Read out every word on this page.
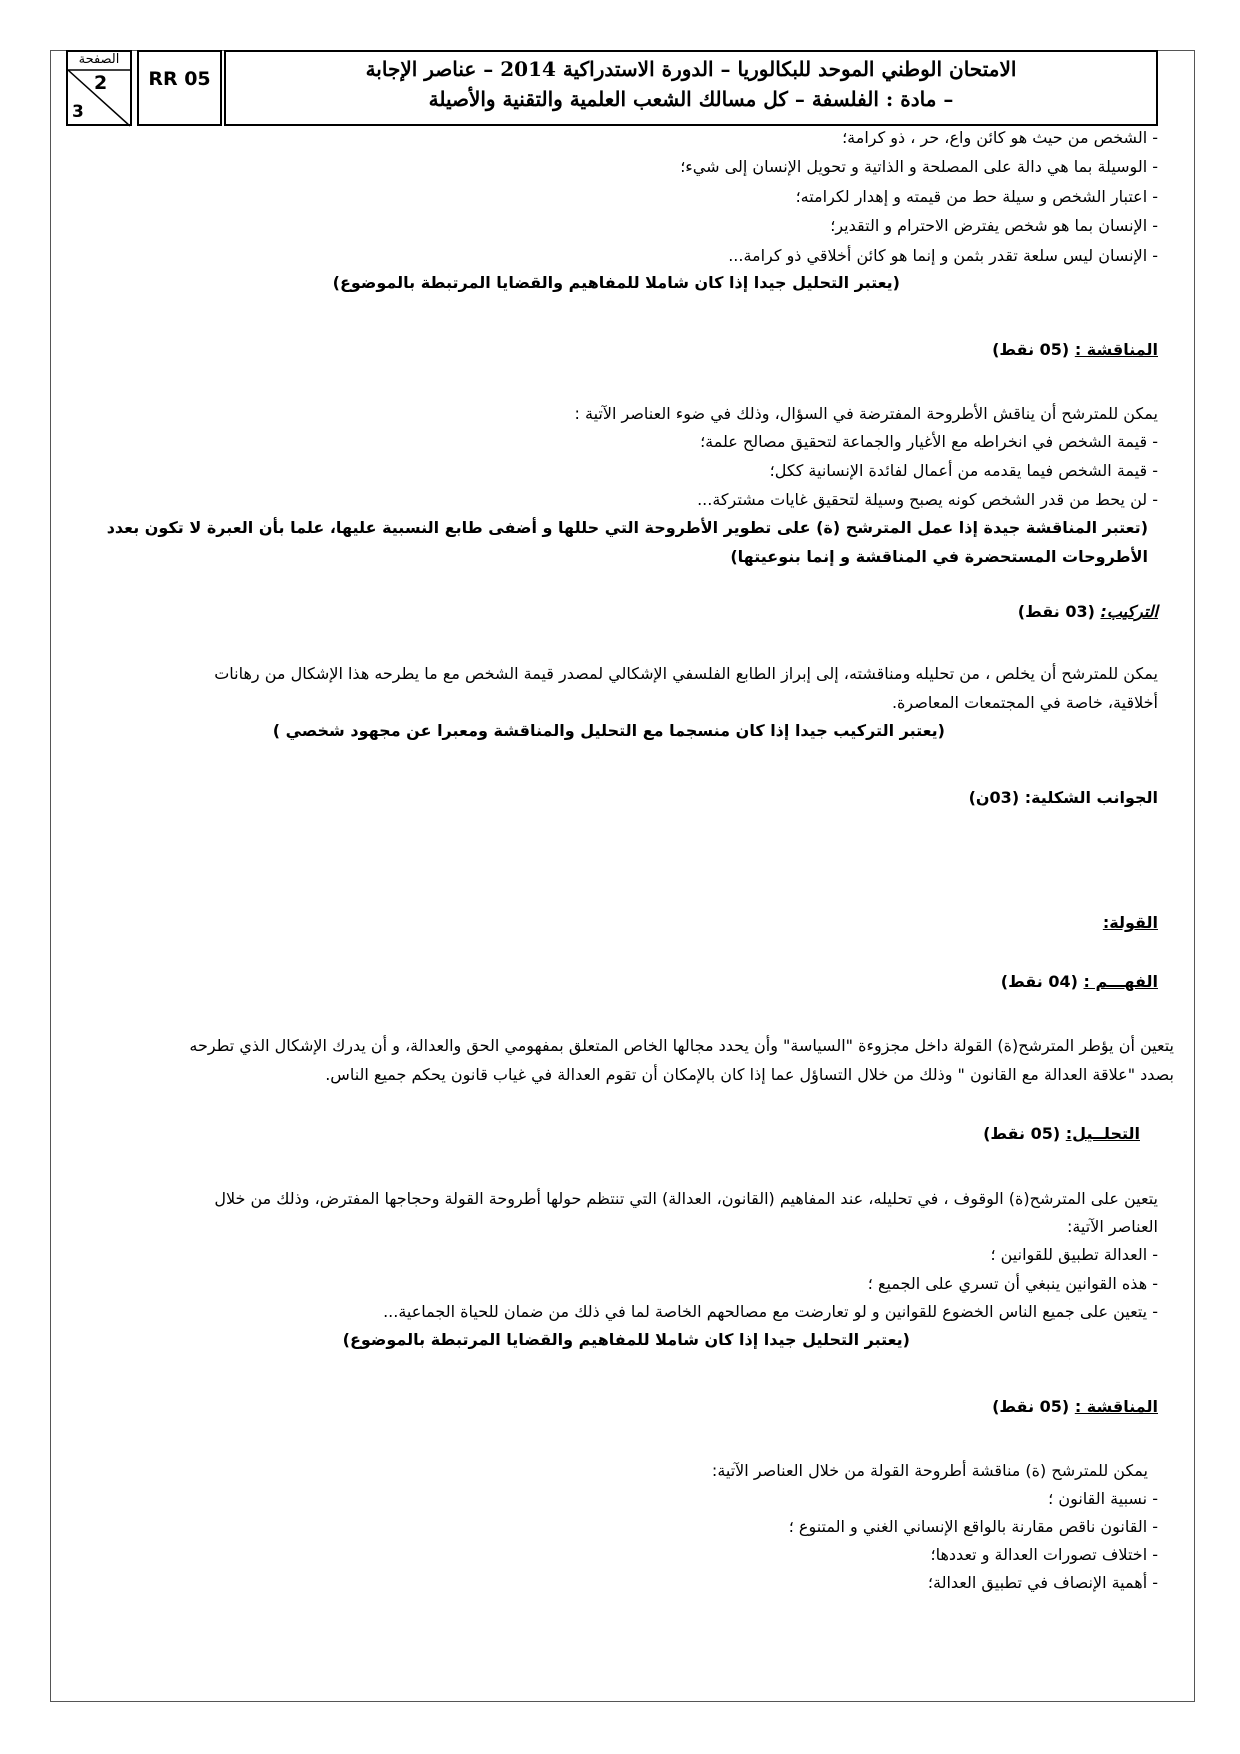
الصفحة
2
3
RR 05	الامتحان الوطني الموحد للبكالوريا – الدورة الاستدراكية 2014 – عناصر الإجابة
– مادة : الفلسفة – كل مسالك الشعب العلمية والتقنية والأصيلة
- الشخص من حيث هو كائن واع، حر ، ذو كرامة؛
- الوسيلة بما هي دالة على المصلحة و الذاتية و تحويل الإنسان إلى شيء؛
- اعتبار الشخص و سيلة حط من قيمته و إهدار لكرامته؛
- الإنسان بما هو شخص يفترض الاحترام و التقدير؛
- الإنسان ليس سلعة تقدر بثمن و إنما هو كائن أخلاقي ذو كرامة...
(يعتبر التحليل جيدا إذا كان شاملا للمفاهيم والقضايا المرتبطة بالموضوع)
المناقشة : (05 نقط)
يمكن للمترشح أن يناقش الأطروحة المفترضة في السؤال، وذلك في ضوء العناصر الآتية :
- قيمة الشخص في انخراطه مع الأغيار والجماعة لتحقيق مصالح علمة؛
- قيمة الشخص فيما يقدمه من أعمال لفائدة الإنسانية ككل؛
- لن يحط من قدر الشخص كونه يصبح وسيلة لتحقيق غايات مشتركة...
(تعتبر المناقشة جيدة إذا عمل المترشح (ة) على تطوير الأطروحة التي حللها و أضفى طابع النسبية عليها، علما بأن العبرة لا تكون بعدد
الأطروحات المستحضرة في المناقشة و إنما بنوعيتها)
التركيب: (03 نقط)
يمكن للمترشح أن يخلص ، من تحليله ومناقشته، إلى إبراز الطابع الفلسفي الإشكالي لمصدر قيمة الشخص مع ما يطرحه هذا الإشكال من رهانات
أخلاقية، خاصة في المجتمعات المعاصرة.
(يعتبر التركيب جيدا إذا كان منسجما مع التحليل والمناقشة ومعبرا عن مجهود شخصي )
الجوانب الشكلية: (03ن)
القولة:
الفهـــم : (04 نقط)
يتعين أن يؤطر المترشح(ة) القولة داخل مجزوءة "السياسة" وأن يحدد مجالها الخاص المتعلق بمفهومي الحق والعدالة، و أن يدرك الإشكال الذي تطرحه
بصدد "علاقة العدالة مع القانون " وذلك من خلال التساؤل عما إذا كان بالإمكان أن تقوم العدالة في غياب قانون يحكم جميع الناس.
التحلــيل: (05 نقط)
يتعين على المترشح(ة) الوقوف ، في تحليله، عند المفاهيم (القانون، العدالة) التي تنتظم حولها أطروحة القولة وحجاجها المفترض، وذلك من خلال
العناصر الآتية:
- العدالة تطبيق للقوانين ؛
- هذه القوانين ينبغي أن تسري على الجميع ؛
- يتعين على جميع الناس الخضوع للقوانين و لو تعارضت مع مصالحهم الخاصة لما في ذلك من ضمان للحياة الجماعية...
(يعتبر التحليل جيدا إذا كان شاملا للمفاهيم والقضايا المرتبطة بالموضوع)
المناقشة : (05 نقط)
يمكن للمترشح (ة) مناقشة أطروحة القولة من خلال العناصر الآتية:
- نسبية القانون ؛
- القانون ناقص مقارنة بالواقع الإنساني الغني و المتنوع ؛
- اختلاف تصورات العدالة و تعددها؛
- أهمية الإنصاف في تطبيق العدالة؛
